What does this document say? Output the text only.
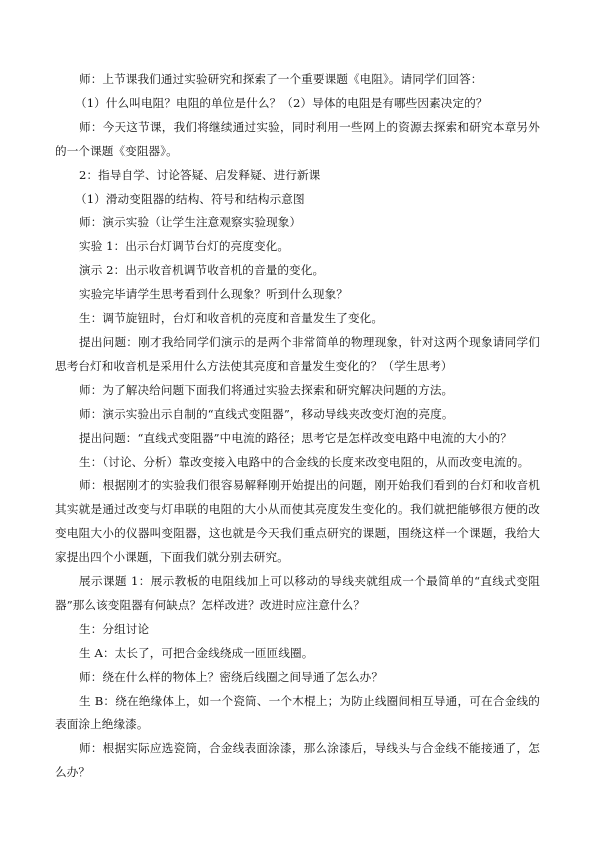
师：上节课我们通过实验研究和探索了一个重要课题《电阻》。请同学们回答：

（1）什么叫电阻？电阻的单位是什么？（2）导体的电阻是有哪些因素决定的？

师：今天这节课，我们将继续通过实验，同时利用一些网上的资源去探索和研究本章另外的一个课题《变阻器》。

2：指导自学、讨论答疑、启发释疑、进行新课

（1）滑动变阻器的结构、符号和结构示意图

师：演示实验（让学生注意观察实验现象）

实验 1：出示台灯调节台灯的亮度变化。

演示 2：出示收音机调节收音机的音量的变化。

实验完毕请学生思考看到什么现象？听到什么现象？

生：调节旋钮时，台灯和收音机的亮度和音量发生了变化。

提出问题：刚才我给同学们演示的是两个非常简单的物理现象，针对这两个现象请同学们思考台灯和收音机是采用什么方法使其亮度和音量发生变化的？（学生思考）

师：为了解决给问题下面我们将通过实验去探索和研究解决问题的方法。

师：演示实验出示自制的“直线式变阻器”，移动导线夹改变灯泡的亮度。

提出问题：“直线式变阻器”中电流的路径；思考它是怎样改变电路中电流的大小的？

生：（讨论、分析）靠改变接入电路中的合金线的长度来改变电阻的，从而改变电流的。

师：根据刚才的实验我们很容易解释刚开始提出的问题，刚开始我们看到的台灯和收音机其实就是通过改变与灯串联的电阻的大小从而使其亮度发生变化的。我们就把能够很方便的改变电阻大小的仪器叫变阻器，这也就是今天我们重点研究的课题，围绕这样一个课题，我给大家提出四个小课题，下面我们就分别去研究。

展示课题 1：展示教板的电阻线加上可以移动的导线夹就组成一个最简单的“直线式变阻器”那么该变阻器有何缺点？怎样改进？改进时应注意什么？

生：分组讨论

生 A：太长了，可把合金线绕成一匝匝线圈。

师：绕在什么样的物体上？密绕后线圈之间导通了怎么办？

生 B：绕在绝缘体上，如一个瓷筒、一个木棍上；为防止线圈间相互导通，可在合金线的表面涂上绝缘漆。

师：根据实际应选瓷筒，合金线表面涂漆，那么涂漆后，导线头与合金线不能接通了，怎么办？
